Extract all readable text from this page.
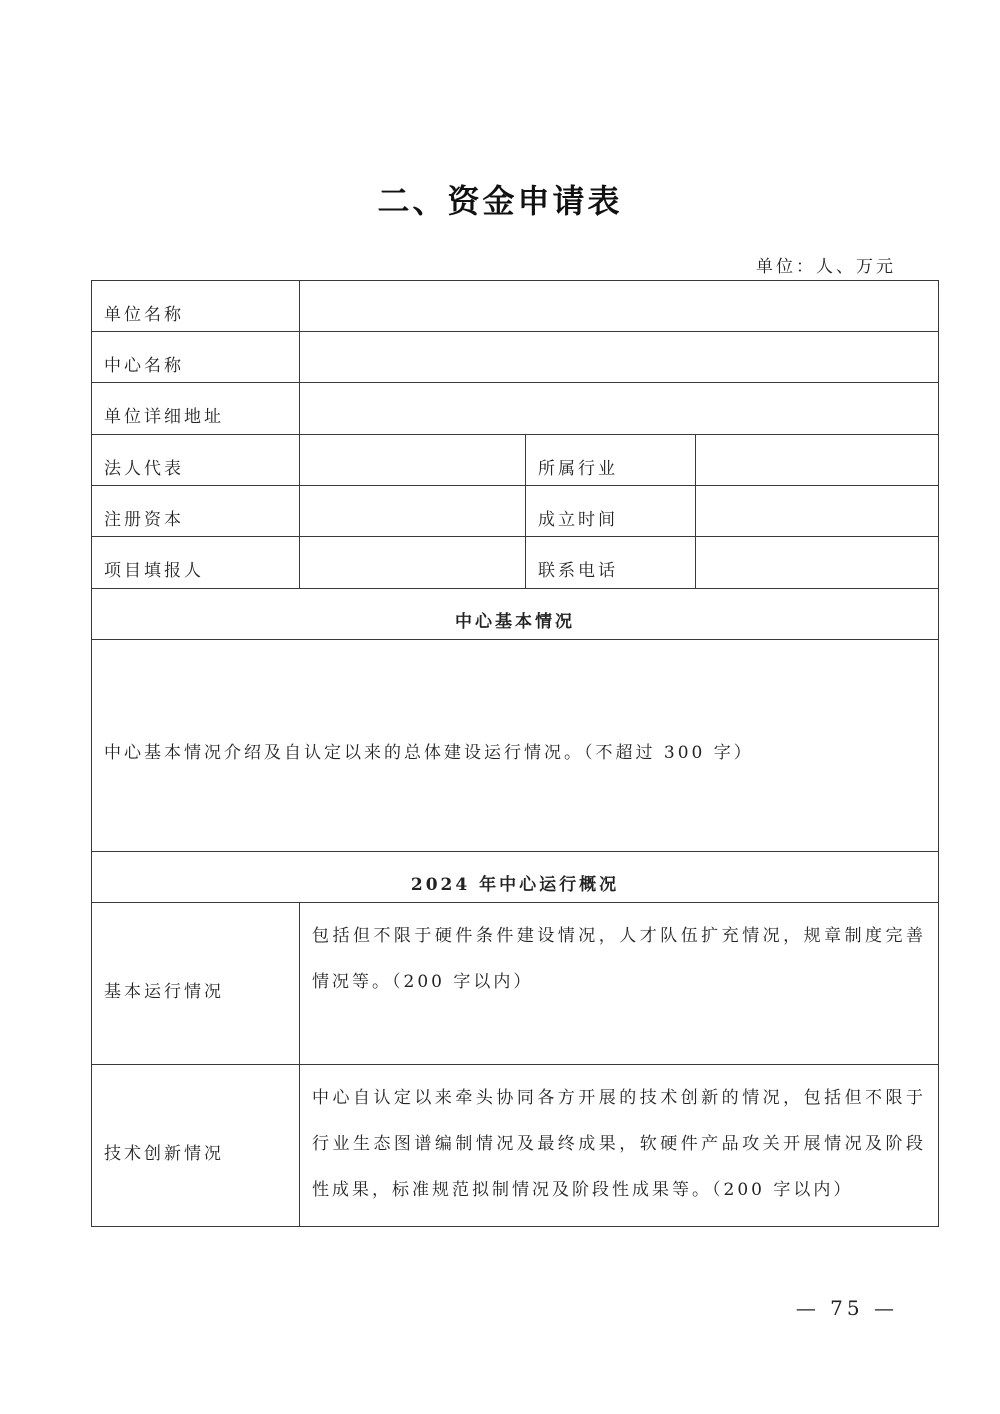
二、资金申请表
单位：人、万元
单位名称			
中心名称			
单位详细地址			
法人代表		所属行业	
注册资本		成立时间	
项目填报人		联系电话	
中心基本情况			
中心基本情况介绍及自认定以来的总体建设运行情况。（不超过 300 字）			
2024 年中心运行概况			
基本运行情况	包括但不限于硬件条件建设情况，人才队伍扩充情况，规章制度完善情况等。（200 字以内）		
技术创新情况	中心自认定以来牵头协同各方开展的技术创新的情况，包括但不限于行业生态图谱编制情况及最终成果，软硬件产品攻关开展情况及阶段性成果，标准规范拟制情况及阶段性成果等。（200 字以内）		
— 75 —
